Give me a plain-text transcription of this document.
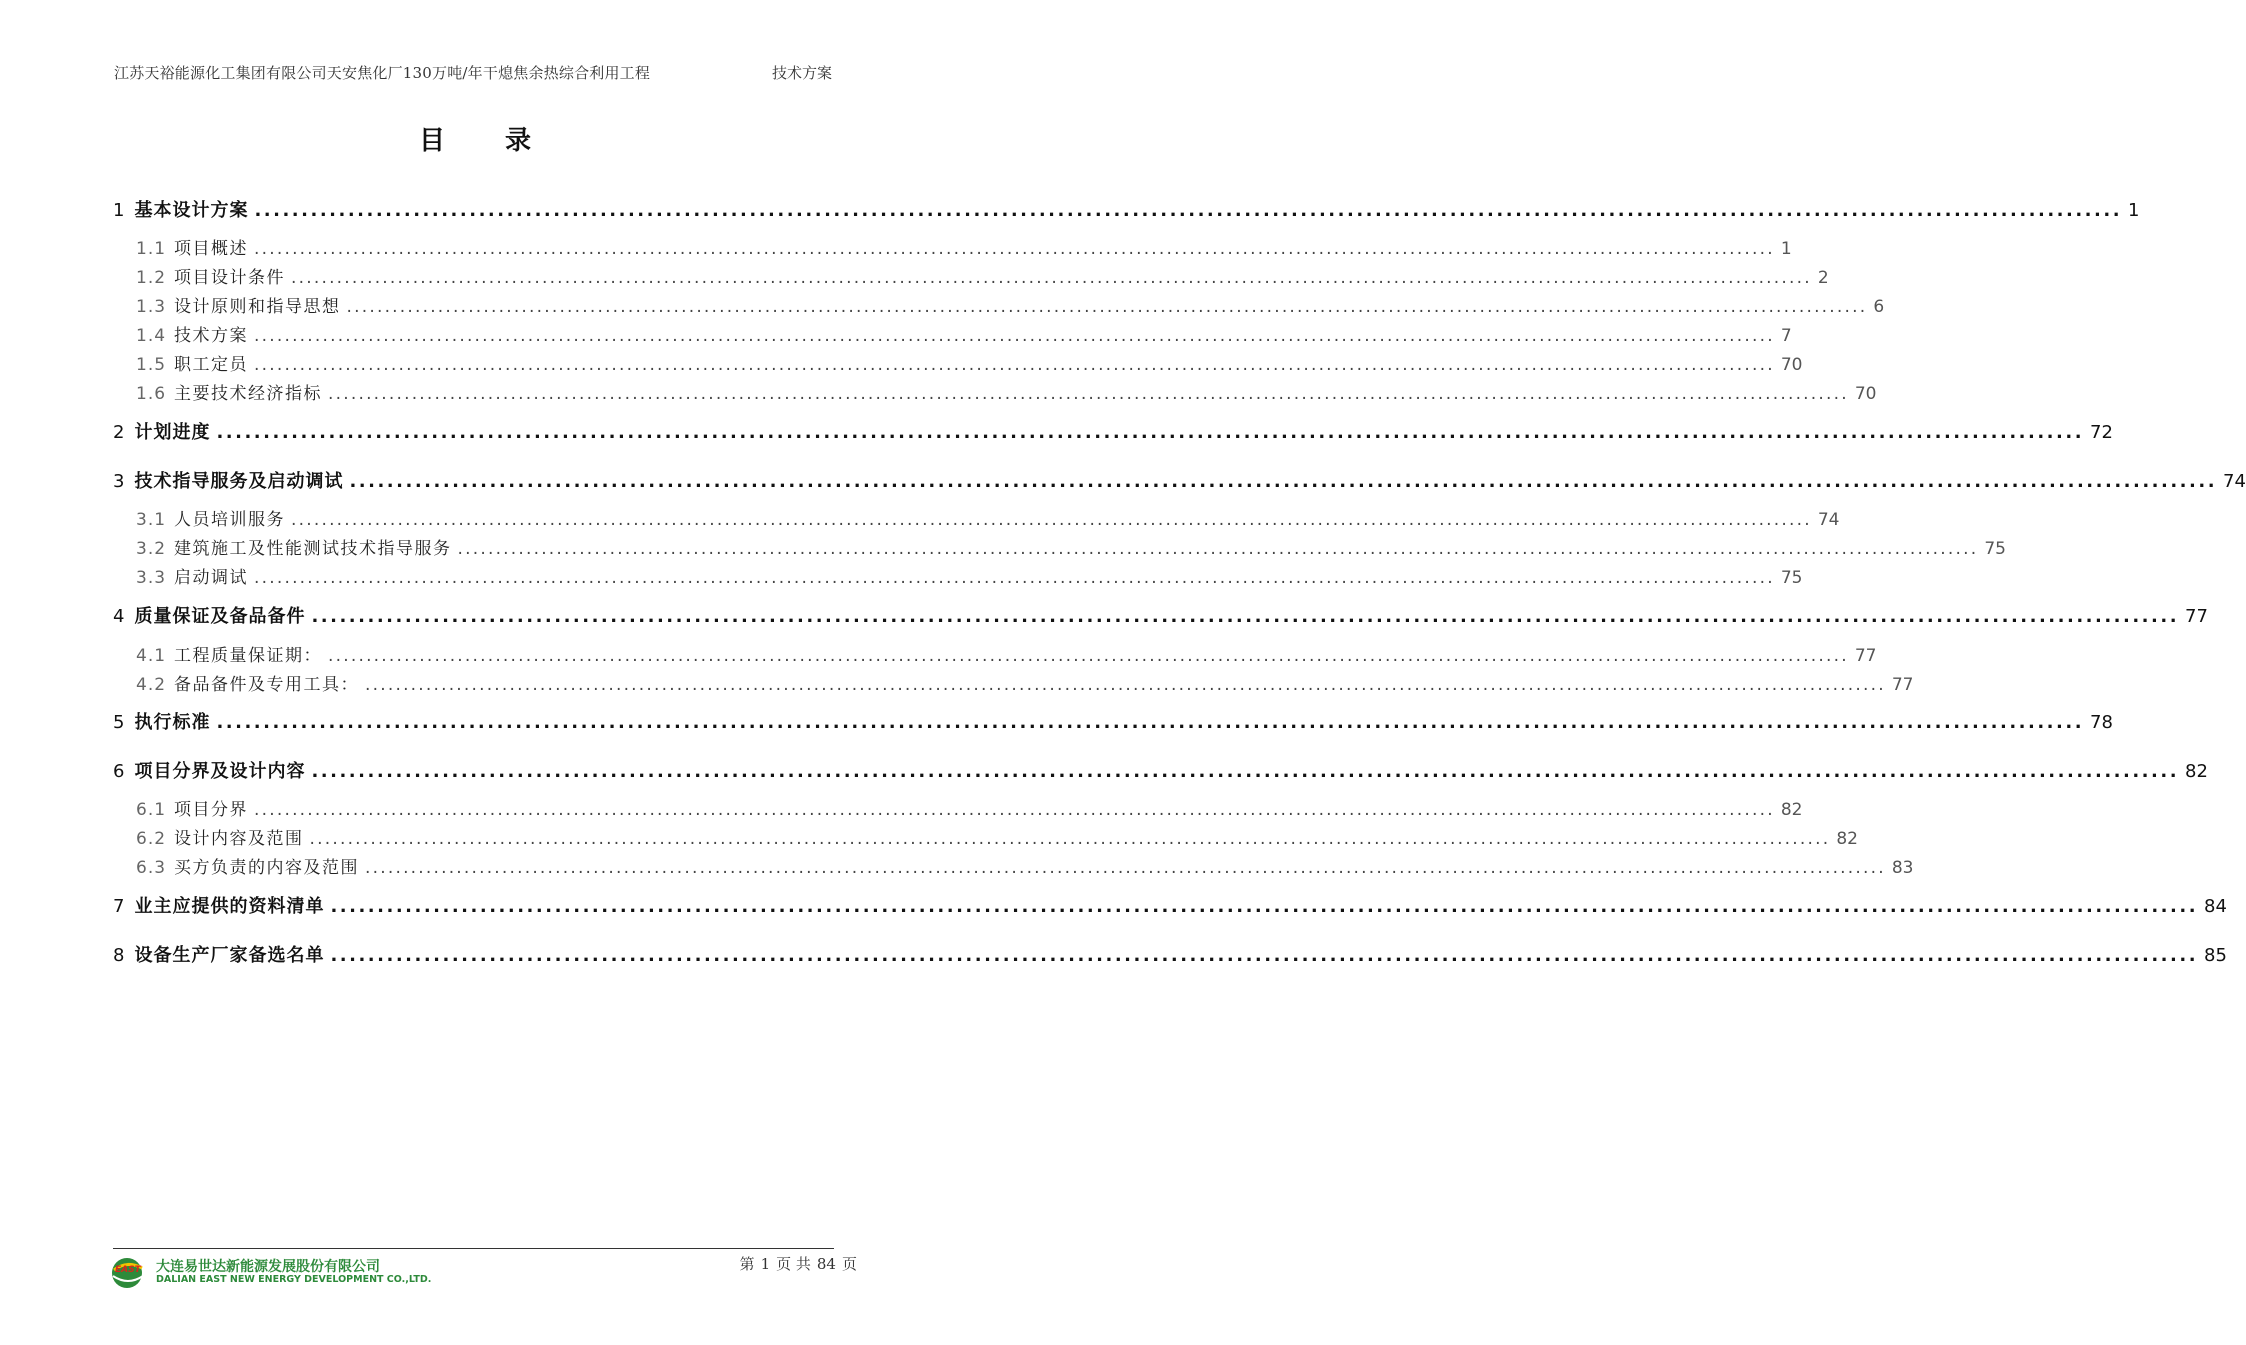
江苏天裕能源化工集团有限公司天安焦化厂130万吨/年干熄焦余热综合利用工程	技术方案
目录
1 基本设计方案 ........................................................................................................................................................................................................ 1
1.1 项目概述 ........................................................................................................................................................................................................ 1
1.2 项目设计条件 ........................................................................................................................................................................................................ 2
1.3 设计原则和指导思想 ........................................................................................................................................................................................................ 6
1.4 技术方案 ........................................................................................................................................................................................................ 7
1.5 职工定员 ........................................................................................................................................................................................................ 70
1.6 主要技术经济指标 ........................................................................................................................................................................................................ 70
2 计划进度 ........................................................................................................................................................................................................ 72
3 技术指导服务及启动调试 ........................................................................................................................................................................................................ 74
3.1 人员培训服务 ........................................................................................................................................................................................................ 74
3.2 建筑施工及性能测试技术指导服务 ........................................................................................................................................................................................................ 75
3.3 启动调试 ........................................................................................................................................................................................................ 75
4 质量保证及备品备件 ........................................................................................................................................................................................................ 77
4.1 工程质量保证期： ........................................................................................................................................................................................................ 77
4.2 备品备件及专用工具： ........................................................................................................................................................................................................ 77
5 执行标准 ........................................................................................................................................................................................................ 78
6 项目分界及设计内容 ........................................................................................................................................................................................................ 82
6.1 项目分界 ........................................................................................................................................................................................................ 82
6.2 设计内容及范围 ........................................................................................................................................................................................................ 82
6.3 买方负责的内容及范围 ........................................................................................................................................................................................................ 83
7 业主应提供的资料清单 ........................................................................................................................................................................................................ 84
8 设备生产厂家备选名单 ........................................................................................................................................................................................................ 85
EAST 大连易世达新能源发展股份有限公司
DALIAN EAST NEW ENERGY DEVELOPMENT CO.,LTD.
第 1 页 共 84 页
